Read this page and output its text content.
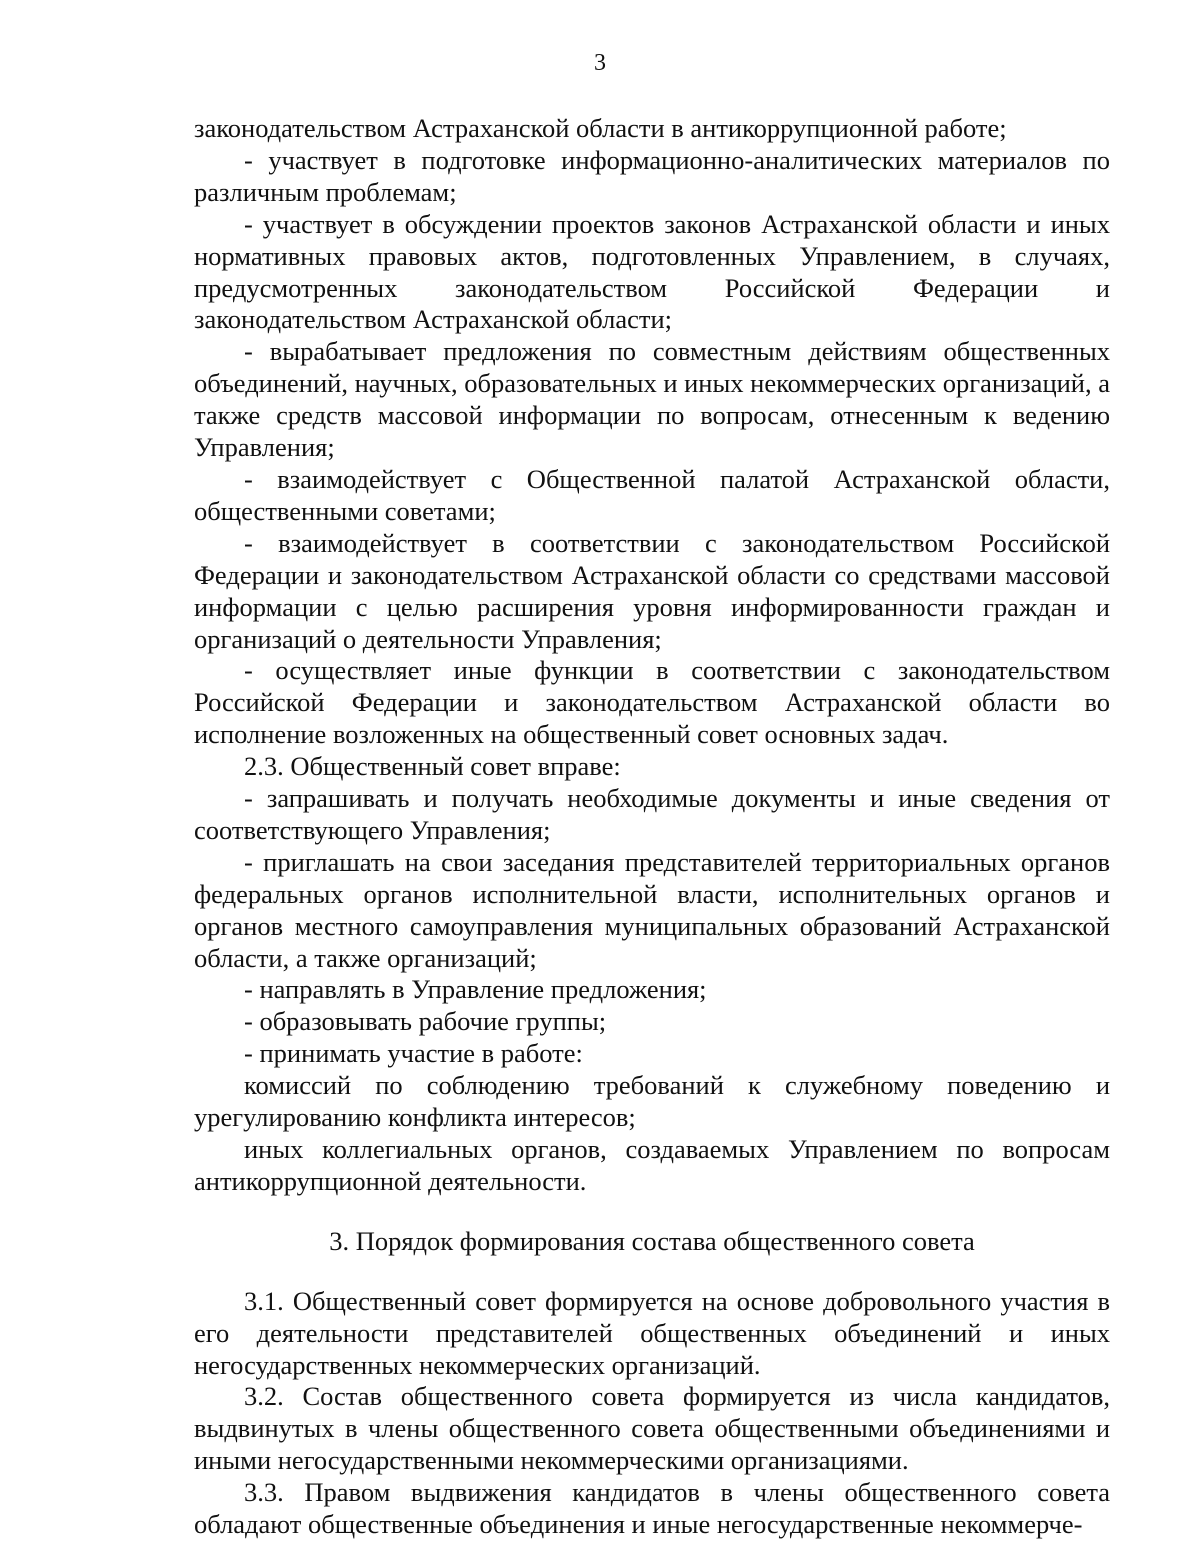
3

законодательством Астраханской области в антикоррупционной работе;

- участвует в подготовке информационно-аналитических материалов по различным проблемам;

- участвует в обсуждении проектов законов Астраханской области и иных нормативных правовых актов, подготовленных Управлением, в случаях, предусмотренных законодательством Российской Федерации и законодательством Астраханской области;

- вырабатывает предложения по совместным действиям общественных объединений, научных, образовательных и иных некоммерческих организаций, а также средств массовой информации по вопросам, отнесенным к ведению Управления;

- взаимодействует с Общественной палатой Астраханской области, общественными советами;

- взаимодействует в соответствии с законодательством Российской Федерации и законодательством Астраханской области со средствами массовой информации с целью расширения уровня информированности граждан и организаций о деятельности Управления;

- осуществляет иные функции в соответствии с законодательством Российской Федерации и законодательством Астраханской области во исполнение возложенных на общественный совет основных задач.

2.3. Общественный совет вправе:

- запрашивать и получать необходимые документы и иные сведения от соответствующего Управления;

- приглашать на свои заседания представителей территориальных органов федеральных органов исполнительной власти, исполнительных органов и органов местного самоуправления муниципальных образований Астраханской области, а также организаций;

- направлять в Управление предложения;

- образовывать рабочие группы;

- принимать участие в работе:

комиссий по соблюдению требований к служебному поведению и урегулированию конфликта интересов;

иных коллегиальных органов, создаваемых Управлением по вопросам антикоррупционной деятельности.

3. Порядок формирования состава общественного совета

3.1. Общественный совет формируется на основе добровольного участия в его деятельности представителей общественных объединений и иных негосударственных некоммерческих организаций.

3.2. Состав общественного совета формируется из числа кандидатов, выдвинутых в члены общественного совета общественными объединениями и иными негосударственными некоммерческими организациями.

3.3. Правом выдвижения кандидатов в члены общественного совета обладают общественные объединения и иные негосударственные некоммерче-
